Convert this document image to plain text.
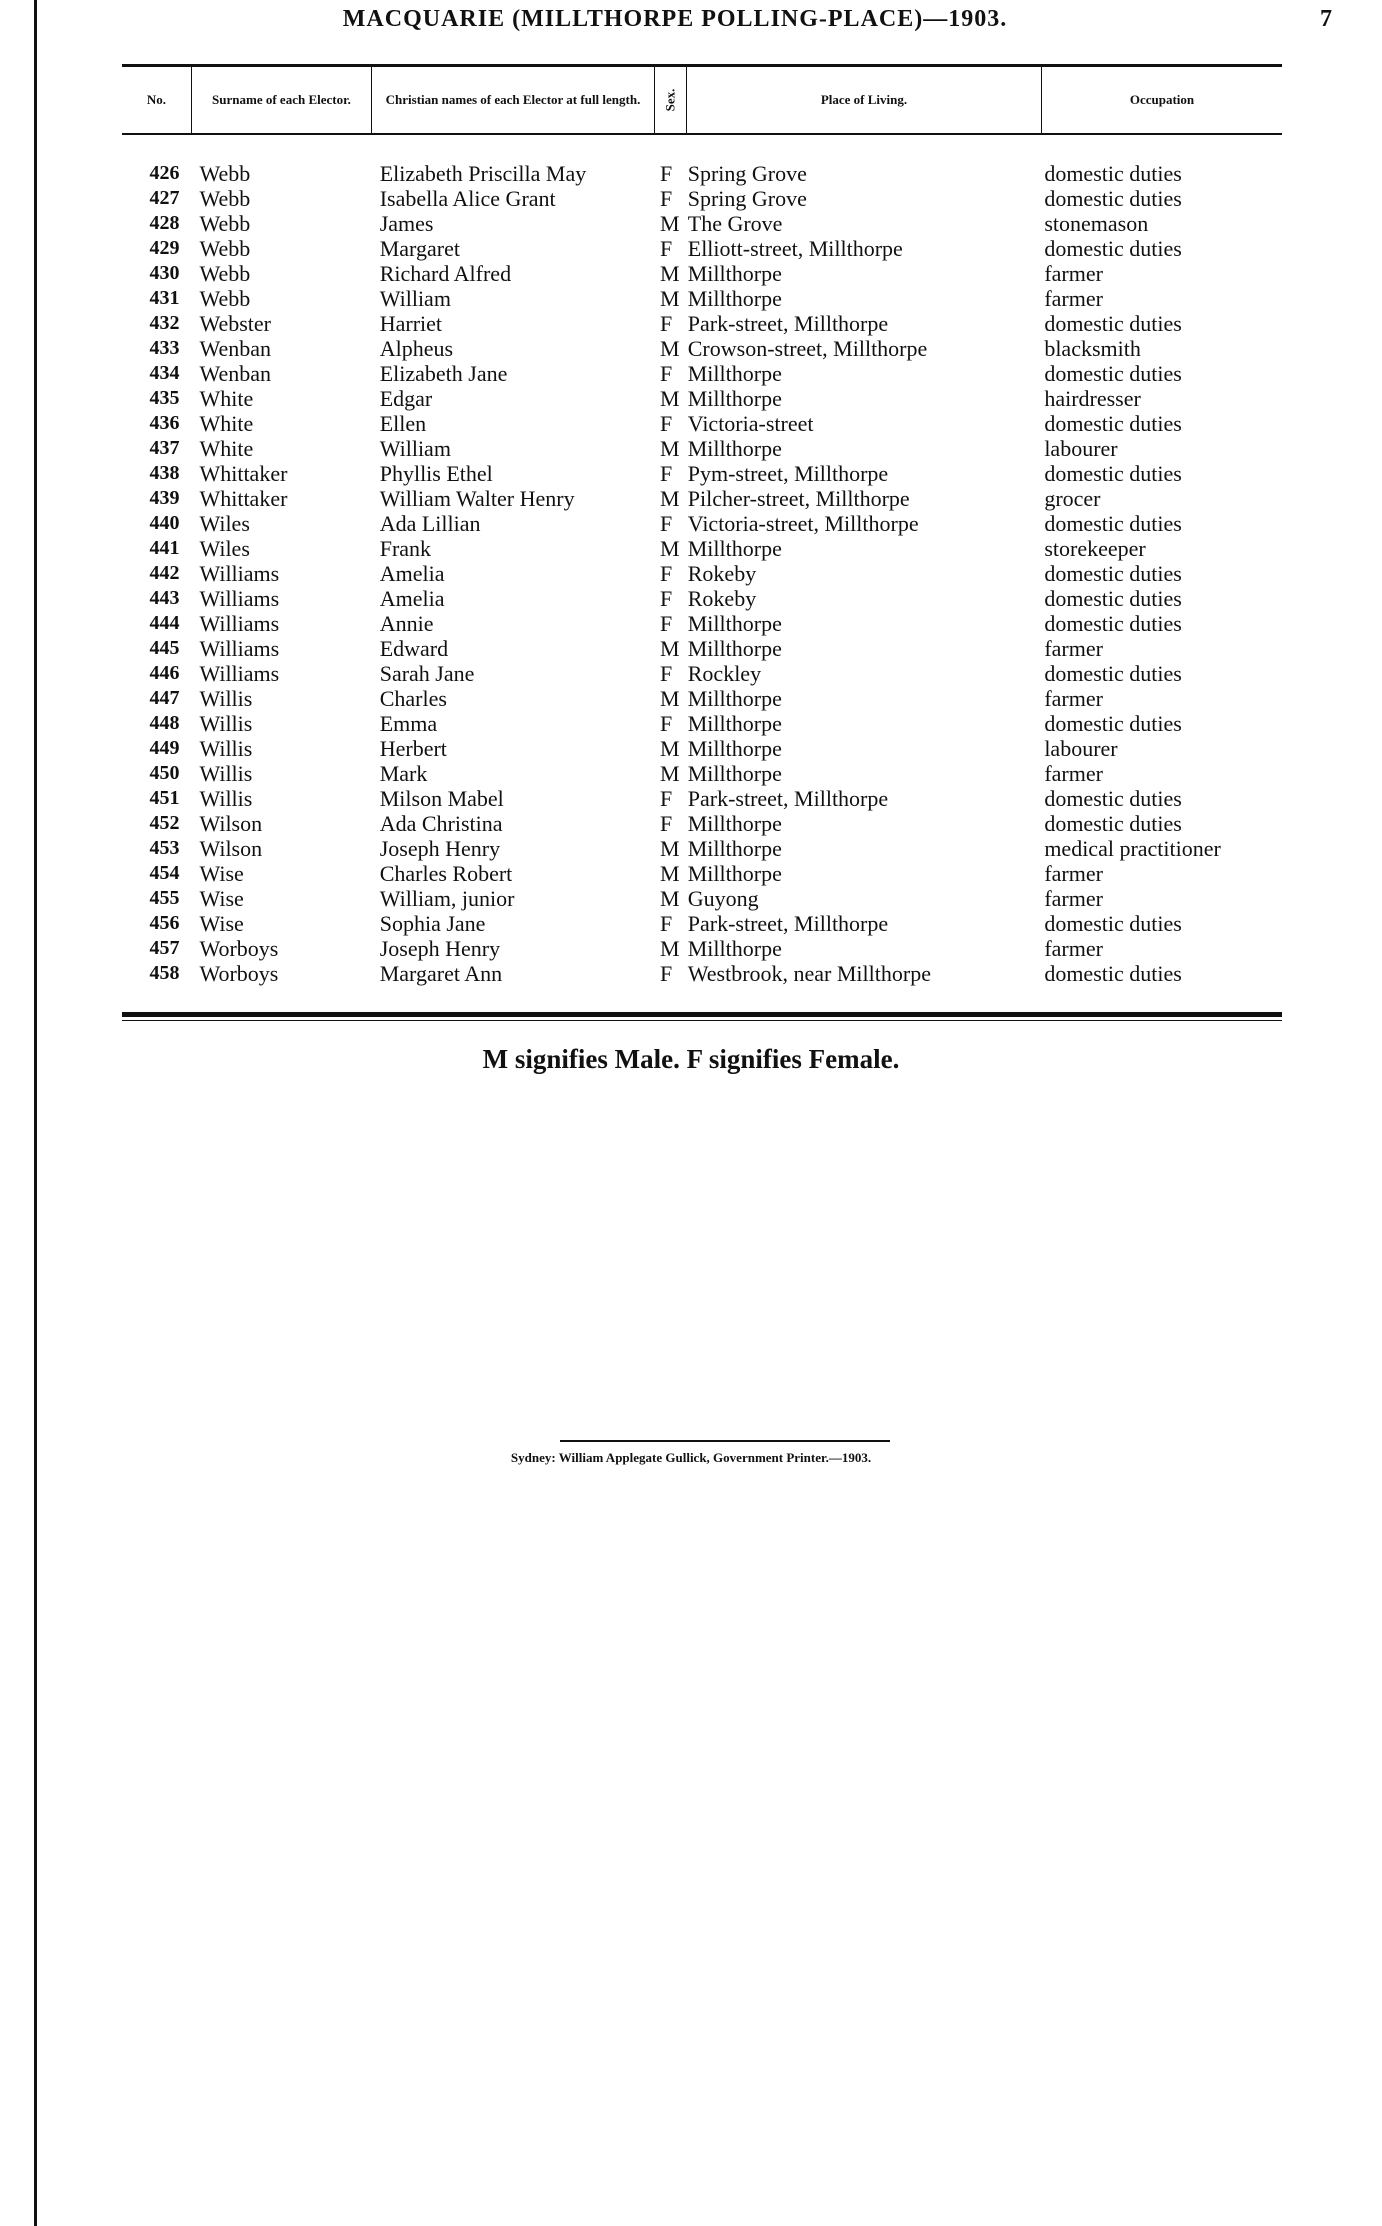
MACQUARIE (MILLTHORPE POLLING-PLACE)—1903.	7
No.	Surname of each Elector.	Christian names of each Elector at full length.	Sex.	Place of Living.	Occupation
426 Webb	Elizabeth Priscilla May	F Spring Grove	domestic duties
427 Webb	Isabella Alice Grant	F Spring Grove	domestic duties
428 Webb	James	M The Grove	stonemason
429 Webb	Margaret	F Elliott-street, Millthorpe	domestic duties
430 Webb	Richard Alfred	M Millthorpe	farmer
431 Webb	William	M Millthorpe	farmer
432 Webster	Harriet	F Park-street, Millthorpe	domestic duties
433 Wenban	Alpheus	M Crowson-street, Millthorpe	blacksmith
434 Wenban	Elizabeth Jane	F Millthorpe	domestic duties
435 White	Edgar	M Millthorpe	hairdresser
436 White	Ellen	F Victoria-street	domestic duties
437 White	William	M Millthorpe	labourer
438 Whittaker	Phyllis Ethel	F Pym-street, Millthorpe	domestic duties
439 Whittaker	William Walter Henry	M Pilcher-street, Millthorpe	grocer
440 Wiles	Ada Lillian	F Victoria-street, Millthorpe	domestic duties
441 Wiles	Frank	M Millthorpe	storekeeper
442 Williams	Amelia	F Rokeby	domestic duties
443 Williams	Amelia	F Rokeby	domestic duties
444 Williams	Annie	F Millthorpe	domestic duties
445 Williams	Edward	M Millthorpe	farmer
446 Williams	Sarah Jane	F Rockley	domestic duties
447 Willis	Charles	M Millthorpe	farmer
448 Willis	Emma	F Millthorpe	domestic duties
449 Willis	Herbert	M Millthorpe	labourer
450 Willis	Mark	M Millthorpe	farmer
451 Willis	Milson Mabel	F Park-street, Millthorpe	domestic duties
452 Wilson	Ada Christina	F Millthorpe	domestic duties
453 Wilson	Joseph Henry	M Millthorpe	medical practitioner
454 Wise	Charles Robert	M Millthorpe	farmer
455 Wise	William, junior	M Guyong	farmer
456 Wise	Sophia Jane	F Park-street, Millthorpe	domestic duties
457 Worboys	Joseph Henry	M Millthorpe	farmer
458 Worboys	Margaret Ann	F Westbrook, near Millthorpe	domestic duties
M signifies Male. F signifies Female.
Sydney: William Applegate Gullick, Government Printer.—1903.
